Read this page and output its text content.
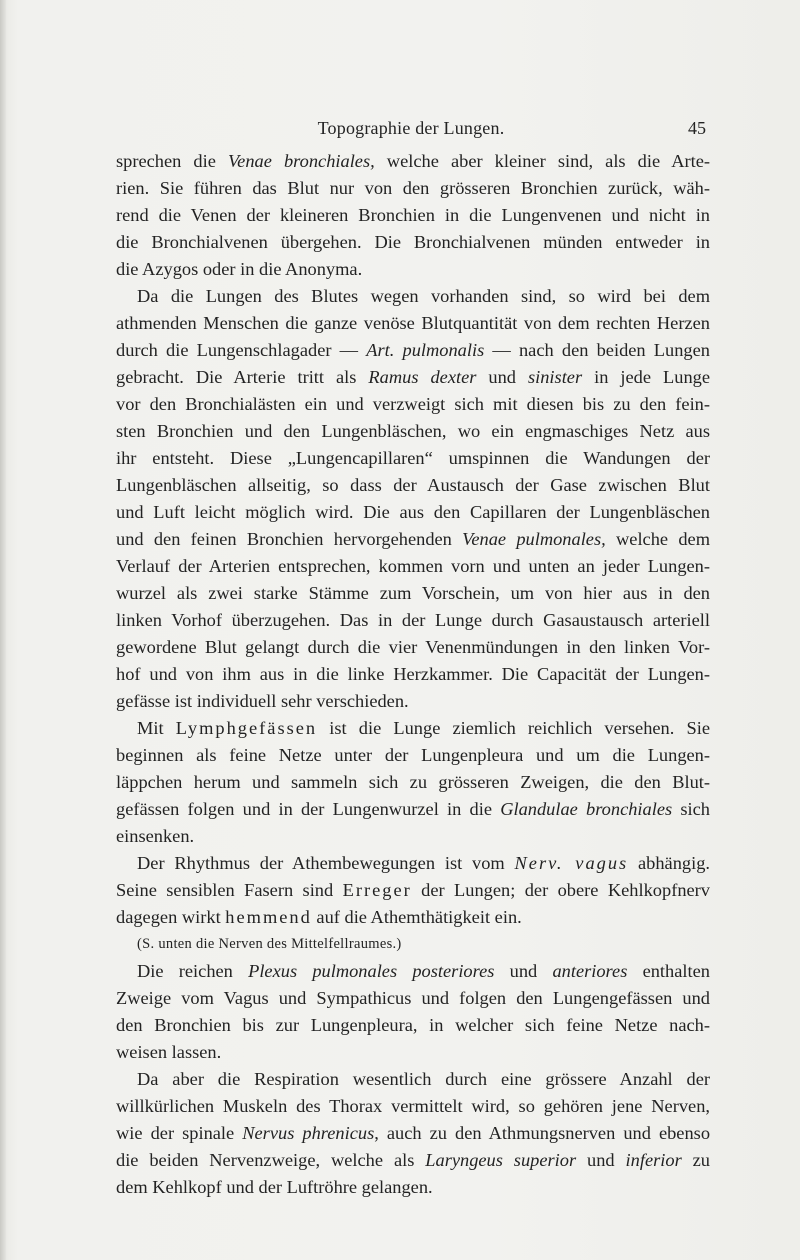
Topographie der Lungen.	45
sprechen die Venae bronchiales, welche aber kleiner sind, als die Arte-
rien. Sie führen das Blut nur von den grösseren Bronchien zurück, wäh-
rend die Venen der kleineren Bronchien in die Lungenvenen und nicht in
die Bronchialvenen übergehen. Die Bronchialvenen münden entweder in
die Azygos oder in die Anonyma.
Da die Lungen des Blutes wegen vorhanden sind, so wird bei dem
athmenden Menschen die ganze venöse Blutquantität von dem rechten Herzen
durch die Lungenschlagader — Art. pulmonalis — nach den beiden Lungen
gebracht. Die Arterie tritt als Ramus dexter und sinister in jede Lunge
vor den Bronchialästen ein und verzweigt sich mit diesen bis zu den fein-
sten Bronchien und den Lungenbläschen, wo ein engmaschiges Netz aus
ihr entsteht. Diese „Lungencapillaren“ umspinnen die Wandungen der
Lungenbläschen allseitig, so dass der Austausch der Gase zwischen Blut
und Luft leicht möglich wird. Die aus den Capillaren der Lungenbläschen
und den feinen Bronchien hervorgehenden Venae pulmonales, welche dem
Verlauf der Arterien entsprechen, kommen vorn und unten an jeder Lungen-
wurzel als zwei starke Stämme zum Vorschein, um von hier aus in den
linken Vorhof überzugehen. Das in der Lunge durch Gasaustausch arteriell
gewordene Blut gelangt durch die vier Venenmündungen in den linken Vor-
hof und von ihm aus in die linke Herzkammer. Die Capacität der Lungen-
gefässe ist individuell sehr verschieden.
Mit Lymphgefässen ist die Lunge ziemlich reichlich versehen. Sie
beginnen als feine Netze unter der Lungenpleura und um die Lungen-
läppchen herum und sammeln sich zu grösseren Zweigen, die den Blut-
gefässen folgen und in der Lungenwurzel in die Glandulae bronchiales sich
einsenken.
Der Rhythmus der Athembewegungen ist vom Nerv. vagus abhängig.
Seine sensiblen Fasern sind Erreger der Lungen; der obere Kehlkopfnerv
dagegen wirkt hemmend auf die Athemthätigkeit ein.
(S. unten die Nerven des Mittelfellraumes.)
Die reichen Plexus pulmonales posteriores und anteriores enthalten
Zweige vom Vagus und Sympathicus und folgen den Lungengefässen und
den Bronchien bis zur Lungenpleura, in welcher sich feine Netze nach-
weisen lassen.
Da aber die Respiration wesentlich durch eine grössere Anzahl der
willkürlichen Muskeln des Thorax vermittelt wird, so gehören jene Nerven,
wie der spinale Nervus phrenicus, auch zu den Athmungsnerven und ebenso
die beiden Nervenzweige, welche als Laryngeus superior und inferior zu
dem Kehlkopf und der Luftröhre gelangen.
